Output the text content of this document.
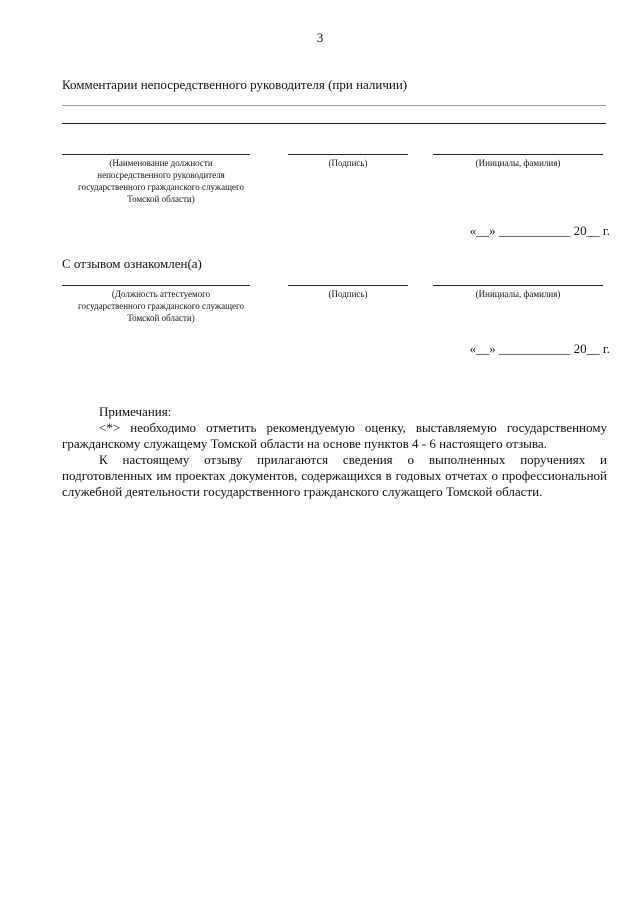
3
Комментарии непосредственного руководителя (при наличии)
(Наименование должности непосредственного руководителя государственного гражданского служащего Томской области)
(Подпись)	(Инициалы, фамилия)
«__» ___________ 20__ г.
С отзывом ознакомлен(а)
(Должность аттестуемого государственного гражданского служащего Томской области)
(Подпись)	(Инициалы, фамилия)
«__» ___________ 20__ г.

Примечания:

<*> необходимо отметить рекомендуемую оценку, выставляемую государственному гражданскому служащему Томской области на основе пунктов 4 - 6 настоящего отзыва.

К настоящему отзыву прилагаются сведения о выполненных поручениях и подготовленных им проектах документов, содержащихся в годовых отчетах о профессиональной служебной деятельности государственного гражданского служащего Томской области.
